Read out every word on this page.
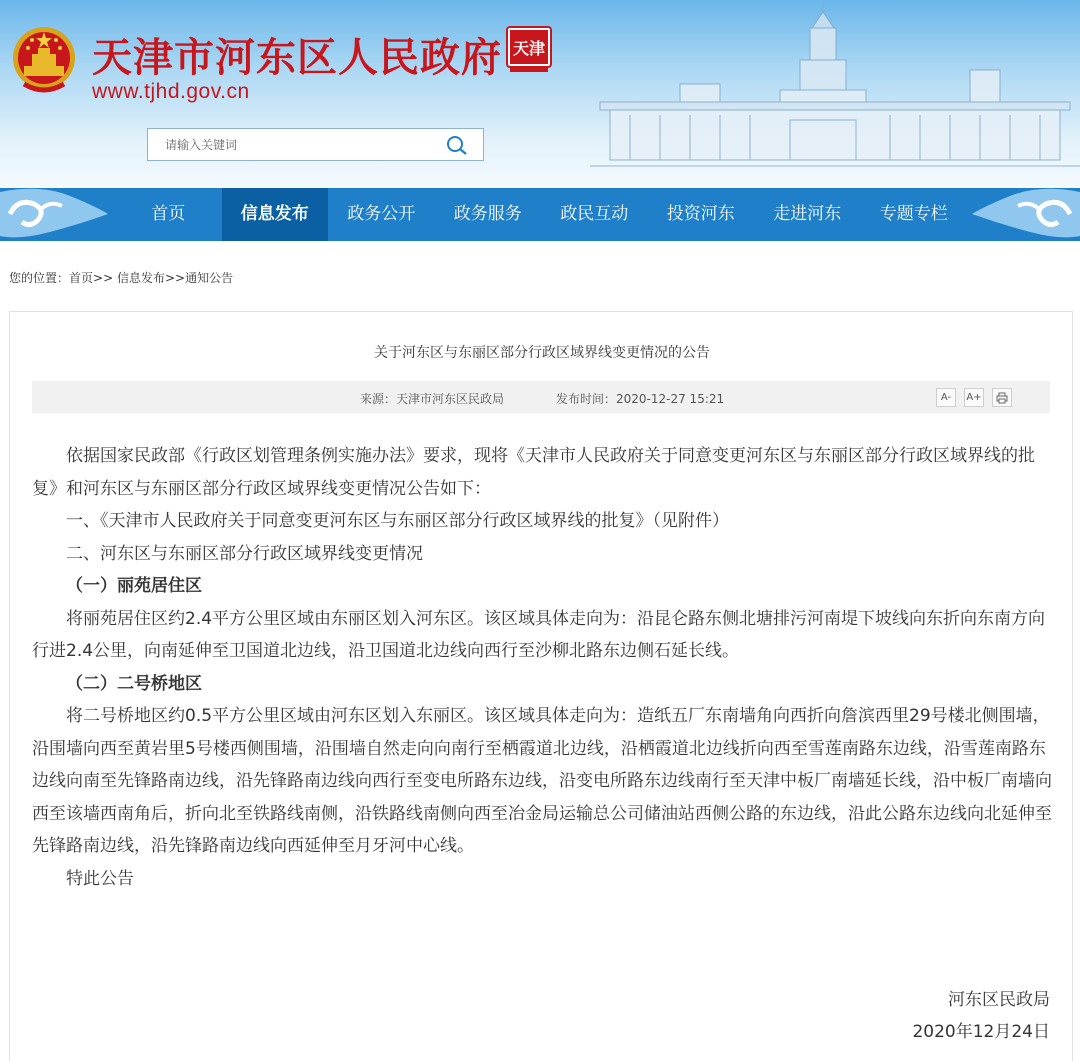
天津市河东区人民政府 天津
www.tjhd.gov.cn
请输入关键词
首页	信息发布	政务公开	政务服务	政民互动	投资河东	走进河东	专题专栏
您的位置：首页>> 信息发布>>通知公告
关于河东区与东丽区部分行政区域界线变更情况的公告
来源：天津市河东区民政局	发布时间：2020-12-27 15:21	A-	A+

依据国家民政部《行政区划管理条例实施办法》要求，现将《天津市人民政府关于同意变更河东区与东丽区部分行政区域界线的批复》和河东区与东丽区部分行政区域界线变更情况公告如下：

一、《天津市人民政府关于同意变更河东区与东丽区部分行政区域界线的批复》（见附件）

二、河东区与东丽区部分行政区域界线变更情况

（一）丽苑居住区

将丽苑居住区约2.4平方公里区域由东丽区划入河东区。该区域具体走向为：沿昆仑路东侧北塘排污河南堤下坡线向东折向东南方向行进2.4公里，向南延伸至卫国道北边线，沿卫国道北边线向西行至沙柳北路东边侧石延长线。

（二）二号桥地区

将二号桥地区约0.5平方公里区域由河东区划入东丽区。该区域具体走向为：造纸五厂东南墙角向西折向詹滨西里29号楼北侧围墙，沿围墙向西至黄岩里5号楼西侧围墙，沿围墙自然走向向南行至栖霞道北边线，沿栖霞道北边线折向西至雪莲南路东边线，沿雪莲南路东边线向南至先锋路南边线，沿先锋路南边线向西行至变电所路东边线，沿变电所路东边线南行至天津中板厂南墙延长线，沿中板厂南墙向西至该墙西南角后，折向北至铁路线南侧，沿铁路线南侧向西至冶金局运输总公司储油站西侧公路的东边线，沿此公路东边线向北延伸至先锋路南边线，沿先锋路南边线向西延伸至月牙河中心线。

特此公告

河东区民政局
2020年12月24日
